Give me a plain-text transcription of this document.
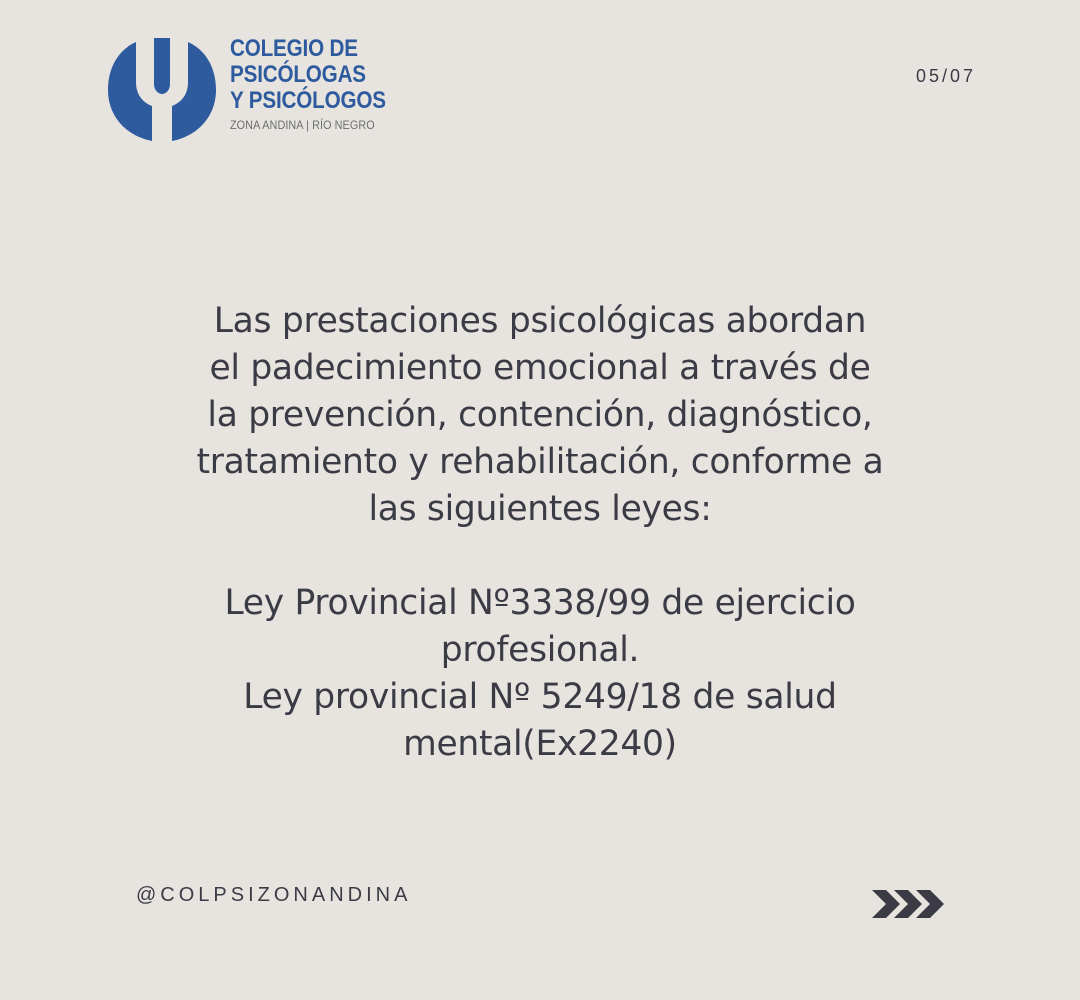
COLEGIO DE
PSICÓLOGAS
Y PSICÓLOGOS
ZONA ANDINA | RÍO NEGRO
05/07
Las prestaciones psicológicas abordan
el padecimiento emocional a través de
la prevención, contención, diagnóstico,
tratamiento y rehabilitación, conforme a
las siguientes leyes:
Ley Provincial Nº3338/99 de ejercicio
profesional.
Ley provincial Nº 5249/18 de salud
mental(Ex2240)
@COLPSIZONANDINA
